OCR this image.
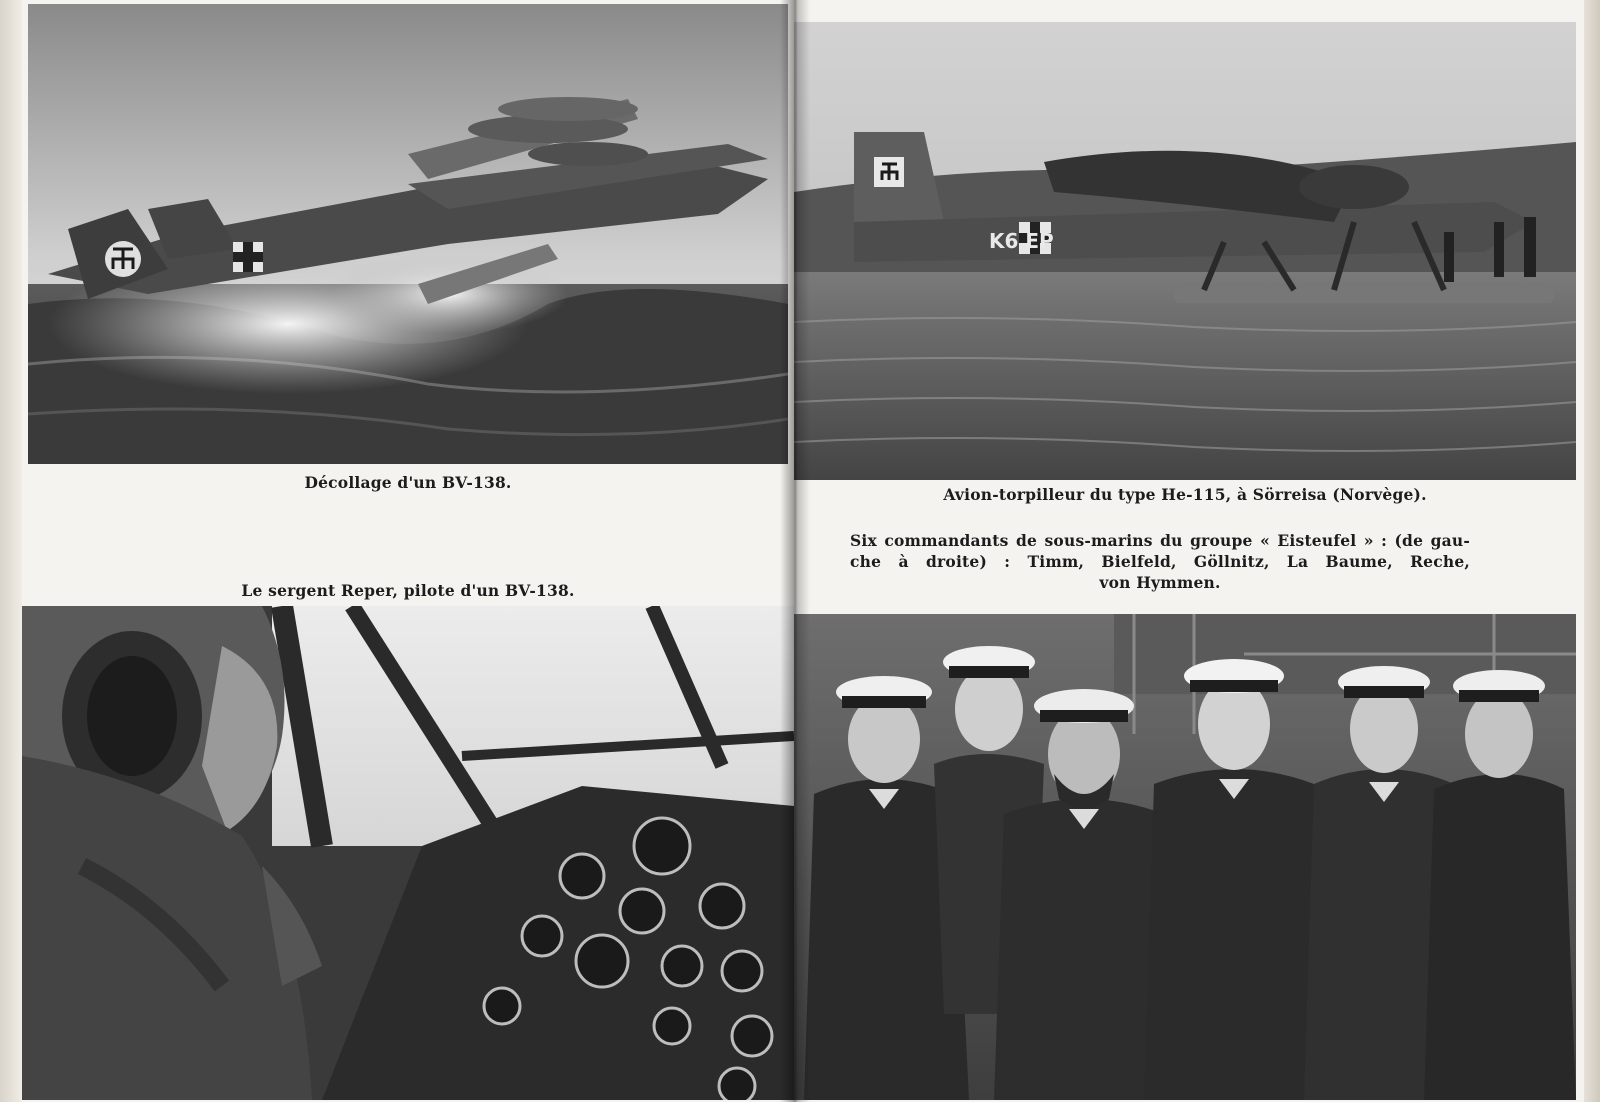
Décollage d'un BV-138.
Le sergent Reper, pilote d'un BV-138.
K6 EP
Avion-torpilleur du type He-115, à Sörreisa (Norvège).
Six commandants de sous-marins du groupe « Eisteufel » : (de gau-
che à droite) : Timm, Bielfeld, Göllnitz, La Baume, Reche,
von Hymmen.
